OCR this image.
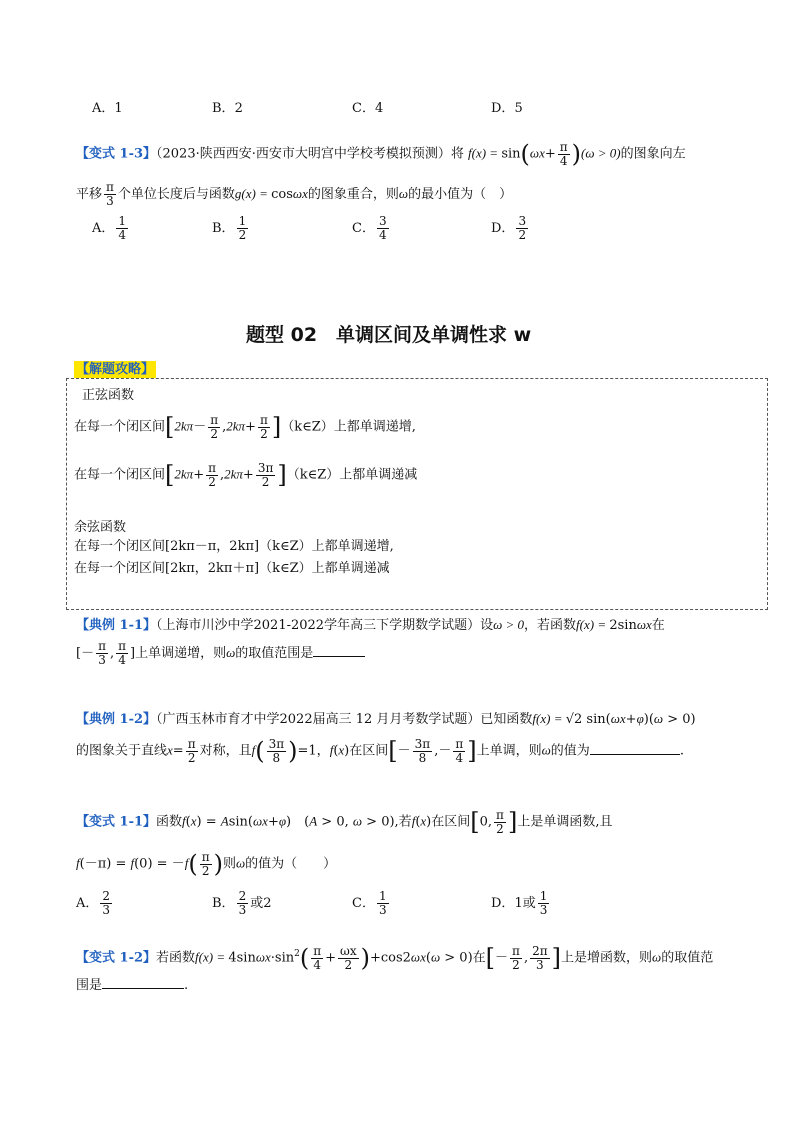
A．1	B．2	C．4	D．5
【变式 1-3】（2023·陕西西安·西安市大明宫中学校考模拟预测）将 $f(x) = \sin(\omega x+ \frac{\pi}{4} )(\omega > 0)$的图象向左
平移 $\frac{\pi}{3}$ 个单位长度后与函数g(x) = cosωx的图象重合，则ω的最小值为（　）
A． $\frac{1}{4}$	B． $\frac{1}{2}$	C． $\frac{3}{4}$	D． $\frac{3}{2}$
题型 02　单调区间及单调性求 w
【解题攻略】
正弦函数
在每一个闭区间[$2k\pi- \frac{\pi}{2} ,2k\pi+ \frac{\pi}{2}$ ]（k∈Z）上都单调递增,
在每一个闭区间[$2k\pi+ \frac{\pi}{2} ,2k\pi+ \frac{3\pi}{2}$ ]（k∈Z）上都单调递减
余弦函数
在每一个闭区间[2kπ－π，2kπ]（k∈Z）上都单调递增,
在每一个闭区间[2kπ，2kπ＋π]（k∈Z）上都单调递减
【典例 1-1】（上海市川沙中学2021-2022学年高三下学期数学试题）设ω > 0，若函数f(x) = 2sinωx在
[－ $\frac{\pi}{3}$ , $\frac{\pi}{4}$ ]上单调递增，则ω的取值范围是
【典例 1-2】（广西玉林市育才中学2022届高三 12 月月考数学试题）已知函数f(x) = √2 sin(ωx+φ)(ω > 0)
的图象关于直线$x= \frac{\pi}{2}$ 对称，且$f( \frac{3\pi}{8} )=1$，f(x)在区间[－ $\frac{3\pi}{8}$ ,－ $\frac{\pi}{4}$ ]上单调，则ω的值为	.
【变式 1-1】函数f(x) = Asin(ωx+φ)　(A > 0, ω > 0),若f(x)在区间[0, $\frac{\pi}{2}$ ]上是单调函数,且
$f(-\pi) = f(0) = -f( \frac{\pi}{2}$ )则ω的值为（　　）
A． $\frac{2}{3}$	B． $\frac{2}{3}$ 或2	C． $\frac{1}{3}$	D．1或 $\frac{1}{3}$
【变式 1-2】若函数$f(x) = 4\sin\omega x\cdot\sin^2( \frac{\pi}{4} + \frac{\omega x}{2} )+\cos 2\omega x(\omega > 0)$在[－ $\frac{\pi}{2}$ , $\frac{2\pi}{3}$ ]上是增函数，则ω的取值范
围是	.
